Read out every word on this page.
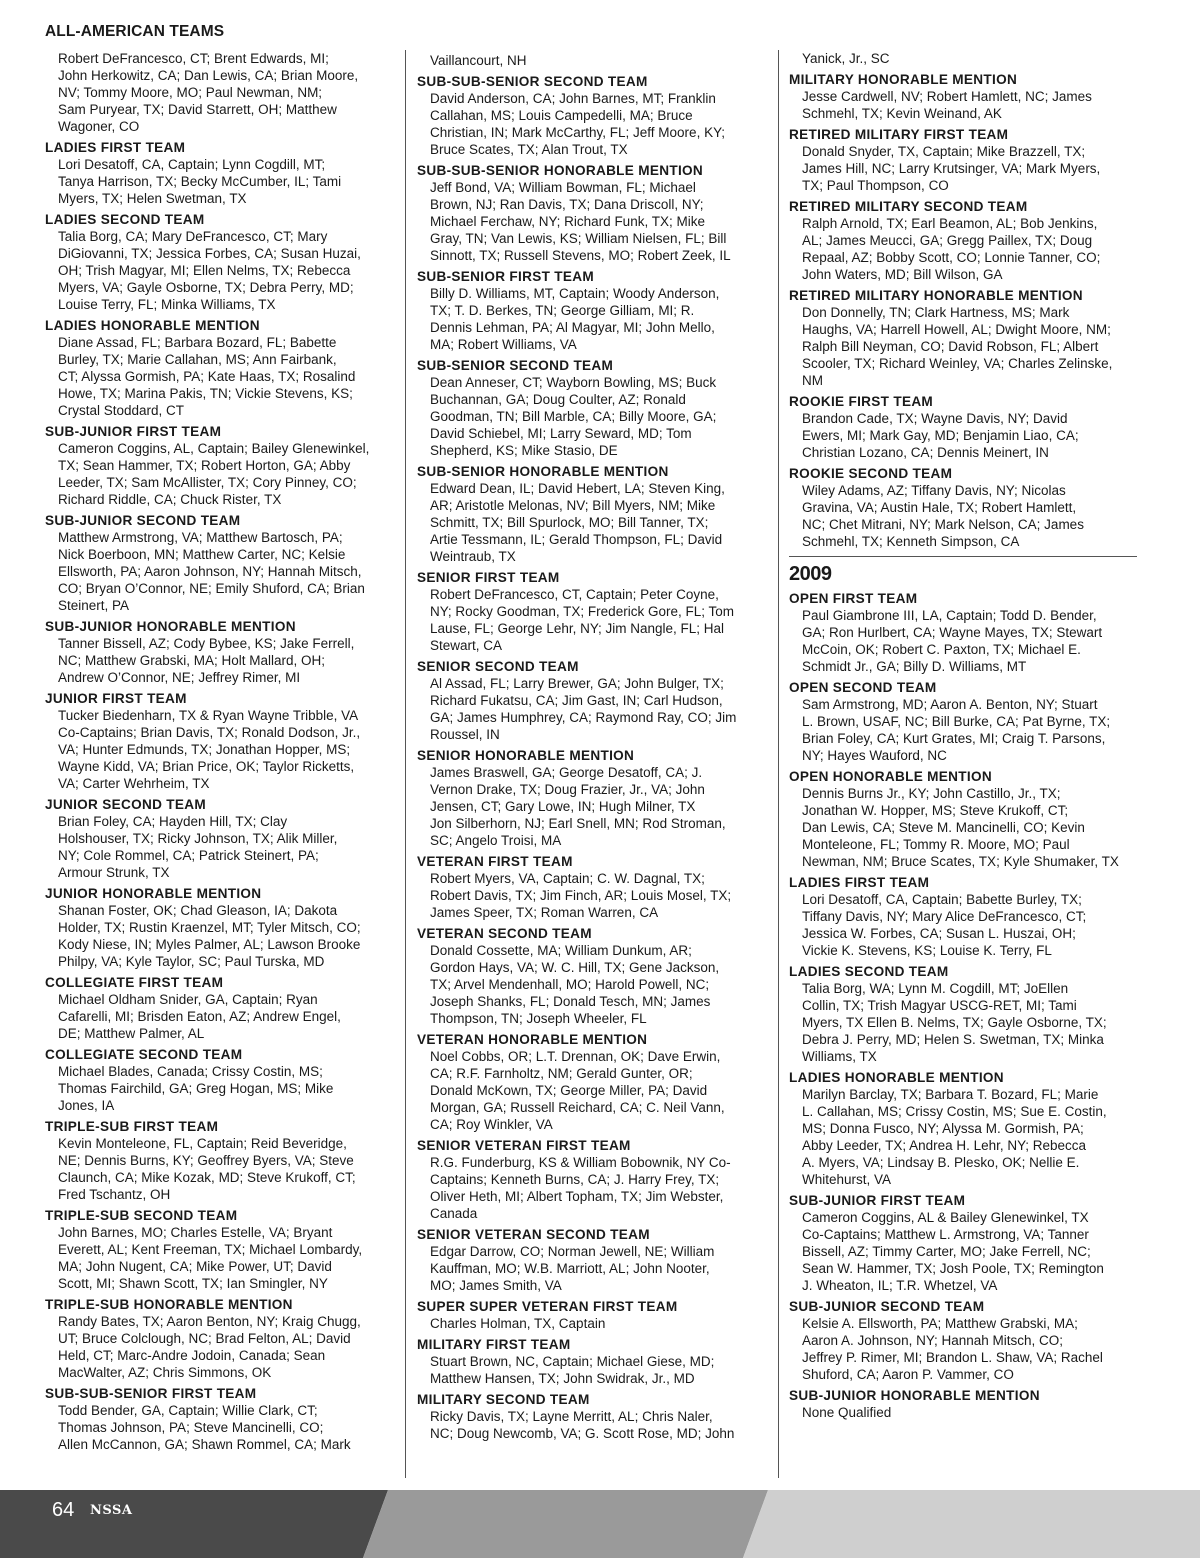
ALL-AMERICAN TEAMS
Robert DeFrancesco, CT; Brent Edwards, MI;
John Herkowitz, CA; Dan Lewis, CA; Brian Moore,
NV; Tommy Moore, MO; Paul Newman, NM;
Sam Puryear, TX; David Starrett, OH; Matthew
Wagoner, CO
LADIES FIRST TEAM
Lori Desatoff, CA, Captain; Lynn Cogdill, MT;
Tanya Harrison, TX; Becky McCumber, IL; Tami
Myers, TX; Helen Swetman, TX
LADIES SECOND TEAM
Talia Borg, CA; Mary DeFrancesco, CT; Mary
DiGiovanni, TX; Jessica Forbes, CA; Susan Huzai,
OH; Trish Magyar, MI; Ellen Nelms, TX; Rebecca
Myers, VA; Gayle Osborne, TX; Debra Perry, MD;
Louise Terry, FL; Minka Williams, TX
LADIES HONORABLE MENTION
Diane Assad, FL; Barbara Bozard, FL; Babette
Burley, TX; Marie Callahan, MS; Ann Fairbank,
CT; Alyssa Gormish, PA; Kate Haas, TX; Rosalind
Howe, TX; Marina Pakis, TN; Vickie Stevens, KS;
Crystal Stoddard, CT
SUB-JUNIOR FIRST TEAM
Cameron Coggins, AL, Captain; Bailey Glenewinkel,
TX; Sean Hammer, TX; Robert Horton, GA; Abby
Leeder, TX; Sam McAllister, TX; Cory Pinney, CO;
Richard Riddle, CA; Chuck Rister, TX
SUB-JUNIOR SECOND TEAM
Matthew Armstrong, VA; Matthew Bartosch, PA;
Nick Boerboon, MN; Matthew Carter, NC; Kelsie
Ellsworth, PA; Aaron Johnson, NY; Hannah Mitsch,
CO; Bryan O’Connor, NE; Emily Shuford, CA; Brian
Steinert, PA
SUB-JUNIOR HONORABLE MENTION
Tanner Bissell, AZ; Cody Bybee, KS; Jake Ferrell,
NC; Matthew Grabski, MA; Holt Mallard, OH;
Andrew O’Connor, NE; Jeffrey Rimer, MI
JUNIOR FIRST TEAM
Tucker Biedenharn, TX & Ryan Wayne Tribble, VA
Co-Captains; Brian Davis, TX; Ronald Dodson, Jr.,
VA; Hunter Edmunds, TX; Jonathan Hopper, MS;
Wayne Kidd, VA; Brian Price, OK; Taylor Ricketts,
VA; Carter Wehrheim, TX
JUNIOR SECOND TEAM
Brian Foley, CA; Hayden Hill, TX; Clay
Holshouser, TX; Ricky Johnson, TX; Alik Miller,
NY; Cole Rommel, CA; Patrick Steinert, PA;
Armour Strunk, TX
JUNIOR HONORABLE MENTION
Shanan Foster, OK; Chad Gleason, IA; Dakota
Holder, TX; Rustin Kraenzel, MT; Tyler Mitsch, CO;
Kody Niese, IN; Myles Palmer, AL; Lawson Brooke
Philpy, VA; Kyle Taylor, SC; Paul Turska, MD
COLLEGIATE FIRST TEAM
Michael Oldham Snider, GA, Captain; Ryan
Cafarelli, MI; Brisden Eaton, AZ; Andrew Engel,
DE; Matthew Palmer, AL
COLLEGIATE SECOND TEAM
Michael Blades, Canada; Crissy Costin, MS;
Thomas Fairchild, GA; Greg Hogan, MS; Mike
Jones, IA
TRIPLE-SUB FIRST TEAM
Kevin Monteleone, FL, Captain; Reid Beveridge,
NE; Dennis Burns, KY; Geoffrey Byers, VA; Steve
Claunch, CA; Mike Kozak, MD; Steve Krukoff, CT;
Fred Tschantz, OH
TRIPLE-SUB SECOND TEAM
John Barnes, MO; Charles Estelle, VA; Bryant
Everett, AL; Kent Freeman, TX; Michael Lombardy,
MA; John Nugent, CA; Mike Power, UT; David
Scott, MI; Shawn Scott, TX; Ian Smingler, NY
TRIPLE-SUB HONORABLE MENTION
Randy Bates, TX; Aaron Benton, NY; Kraig Chugg,
UT; Bruce Colclough, NC; Brad Felton, AL; David
Held, CT; Marc-Andre Jodoin, Canada; Sean
MacWalter, AZ; Chris Simmons, OK
SUB-SUB-SENIOR FIRST TEAM
Todd Bender, GA, Captain; Willie Clark, CT;
Thomas Johnson, PA; Steve Mancinelli, CO;
Allen McCannon, GA; Shawn Rommel, CA; Mark
Vaillancourt, NH
SUB-SUB-SENIOR SECOND TEAM
David Anderson, CA; John Barnes, MT; Franklin
Callahan, MS; Louis Campedelli, MA; Bruce
Christian, IN; Mark McCarthy, FL; Jeff Moore, KY;
Bruce Scates, TX; Alan Trout, TX
SUB-SUB-SENIOR HONORABLE MENTION
Jeff Bond, VA; William Bowman, FL; Michael
Brown, NJ; Ran Davis, TX; Dana Driscoll, NY;
Michael Ferchaw, NY; Richard Funk, TX; Mike
Gray, TN; Van Lewis, KS; William Nielsen, FL; Bill
Sinnott, TX; Russell Stevens, MO; Robert Zeek, IL
SUB-SENIOR FIRST TEAM
Billy D. Williams, MT, Captain; Woody Anderson,
TX; T. D. Berkes, TN; George Gilliam, MI; R.
Dennis Lehman, PA; Al Magyar, MI; John Mello,
MA; Robert Williams, VA
SUB-SENIOR SECOND TEAM
Dean Anneser, CT; Wayborn Bowling, MS; Buck
Buchannan, GA; Doug Coulter, AZ; Ronald
Goodman, TN; Bill Marble, CA; Billy Moore, GA;
David Schiebel, MI; Larry Seward, MD; Tom
Shepherd, KS; Mike Stasio, DE
SUB-SENIOR HONORABLE MENTION
Edward Dean, IL; David Hebert, LA; Steven King,
AR; Aristotle Melonas, NV; Bill Myers, NM; Mike
Schmitt, TX; Bill Spurlock, MO; Bill Tanner, TX;
Artie Tessmann, IL; Gerald Thompson, FL; David
Weintraub, TX
SENIOR FIRST TEAM
Robert DeFrancesco, CT, Captain; Peter Coyne,
NY; Rocky Goodman, TX; Frederick Gore, FL; Tom
Lause, FL; George Lehr, NY; Jim Nangle, FL; Hal
Stewart, CA
SENIOR SECOND TEAM
Al Assad, FL; Larry Brewer, GA; John Bulger, TX;
Richard Fukatsu, CA; Jim Gast, IN; Carl Hudson,
GA; James Humphrey, CA; Raymond Ray, CO; Jim
Roussel, IN
SENIOR HONORABLE MENTION
James Braswell, GA; George Desatoff, CA; J.
Vernon Drake, TX; Doug Frazier, Jr., VA; John
Jensen, CT; Gary Lowe, IN; Hugh Milner, TX
Jon Silberhorn, NJ; Earl Snell, MN; Rod Stroman,
SC; Angelo Troisi, MA
VETERAN FIRST TEAM
Robert Myers, VA, Captain; C. W. Dagnal, TX;
Robert Davis, TX; Jim Finch, AR; Louis Mosel, TX;
James Speer, TX; Roman Warren, CA
VETERAN SECOND TEAM
Donald Cossette, MA; William Dunkum, AR;
Gordon Hays, VA; W. C. Hill, TX; Gene Jackson,
TX; Arvel Mendenhall, MO; Harold Powell, NC;
Joseph Shanks, FL; Donald Tesch, MN; James
Thompson, TN; Joseph Wheeler, FL
VETERAN HONORABLE MENTION
Noel Cobbs, OR; L.T. Drennan, OK; Dave Erwin,
CA; R.F. Farnholtz, NM; Gerald Gunter, OR;
Donald McKown, TX; George Miller, PA; David
Morgan, GA; Russell Reichard, CA; C. Neil Vann,
CA; Roy Winkler, VA
SENIOR VETERAN FIRST TEAM
R.G. Funderburg, KS & William Bobownik, NY Co-
Captains; Kenneth Burns, CA; J. Harry Frey, TX;
Oliver Heth, MI; Albert Topham, TX; Jim Webster,
Canada
SENIOR VETERAN SECOND TEAM
Edgar Darrow, CO; Norman Jewell, NE; William
Kauffman, MO; W.B. Marriott, AL; John Nooter,
MO; James Smith, VA
SUPER SUPER VETERAN FIRST TEAM
Charles Holman, TX, Captain
MILITARY FIRST TEAM
Stuart Brown, NC, Captain; Michael Giese, MD;
Matthew Hansen, TX; John Swidrak, Jr., MD
MILITARY SECOND TEAM
Ricky Davis, TX; Layne Merritt, AL; Chris Naler,
NC; Doug Newcomb, VA; G. Scott Rose, MD; John
Yanick, Jr., SC
MILITARY HONORABLE MENTION
Jesse Cardwell, NV; Robert Hamlett, NC; James
Schmehl, TX; Kevin Weinand, AK
RETIRED MILITARY FIRST TEAM
Donald Snyder, TX, Captain; Mike Brazzell, TX;
James Hill, NC; Larry Krutsinger, VA; Mark Myers,
TX; Paul Thompson, CO
RETIRED MILITARY SECOND TEAM
Ralph Arnold, TX; Earl Beamon, AL; Bob Jenkins,
AL; James Meucci, GA; Gregg Paillex, TX; Doug
Repaal, AZ; Bobby Scott, CO; Lonnie Tanner, CO;
John Waters, MD; Bill Wilson, GA
RETIRED MILITARY HONORABLE MENTION
Don Donnelly, TN; Clark Hartness, MS; Mark
Haughs, VA; Harrell Howell, AL; Dwight Moore, NM;
Ralph Bill Neyman, CO; David Robson, FL; Albert
Scooler, TX; Richard Weinley, VA; Charles Zelinske,
NM
ROOKIE FIRST TEAM
Brandon Cade, TX; Wayne Davis, NY; David
Ewers, MI; Mark Gay, MD; Benjamin Liao, CA;
Christian Lozano, CA; Dennis Meinert, IN
ROOKIE SECOND TEAM
Wiley Adams, AZ; Tiffany Davis, NY; Nicolas
Gravina, VA; Austin Hale, TX; Robert Hamlett,
NC; Chet Mitrani, NY; Mark Nelson, CA; James
Schmehl, TX; Kenneth Simpson, CA
2009
OPEN FIRST TEAM
Paul Giambrone III, LA, Captain; Todd D. Bender,
GA; Ron Hurlbert, CA; Wayne Mayes, TX; Stewart
McCoin, OK; Robert C. Paxton, TX; Michael E.
Schmidt Jr., GA; Billy D. Williams, MT
OPEN SECOND TEAM
Sam Armstrong, MD; Aaron A. Benton, NY; Stuart
L. Brown, USAF, NC; Bill Burke, CA; Pat Byrne, TX;
Brian Foley, CA; Kurt Grates, MI; Craig T. Parsons,
NY; Hayes Wauford, NC
OPEN HONORABLE MENTION
Dennis Burns Jr., KY; John Castillo, Jr., TX;
Jonathan W. Hopper, MS; Steve Krukoff, CT;
Dan Lewis, CA; Steve M. Mancinelli, CO; Kevin
Monteleone, FL; Tommy R. Moore, MO; Paul
Newman, NM; Bruce Scates, TX; Kyle Shumaker, TX
LADIES FIRST TEAM
Lori Desatoff, CA, Captain; Babette Burley, TX;
Tiffany Davis, NY; Mary Alice DeFrancesco, CT;
Jessica W. Forbes, CA; Susan L. Huszai, OH;
Vickie K. Stevens, KS; Louise K. Terry, FL
LADIES SECOND TEAM
Talia Borg, WA; Lynn M. Cogdill, MT; JoEllen
Collin, TX; Trish Magyar USCG-RET, MI; Tami
Myers, TX Ellen B. Nelms, TX; Gayle Osborne, TX;
Debra J. Perry, MD; Helen S. Swetman, TX; Minka
Williams, TX
LADIES HONORABLE MENTION
Marilyn Barclay, TX; Barbara T. Bozard, FL; Marie
L. Callahan, MS; Crissy Costin, MS; Sue E. Costin,
MS; Donna Fusco, NY; Alyssa M. Gormish, PA;
Abby Leeder, TX; Andrea H. Lehr, NY; Rebecca
A. Myers, VA; Lindsay B. Plesko, OK; Nellie E.
Whitehurst, VA
SUB-JUNIOR FIRST TEAM
Cameron Coggins, AL & Bailey Glenewinkel, TX
Co-Captains; Matthew L. Armstrong, VA; Tanner
Bissell, AZ; Timmy Carter, MO; Jake Ferrell, NC;
Sean W. Hammer, TX; Josh Poole, TX; Remington
J. Wheaton, IL; T.R. Whetzel, VA
SUB-JUNIOR SECOND TEAM
Kelsie A. Ellsworth, PA; Matthew Grabski, MA;
Aaron A. Johnson, NY; Hannah Mitsch, CO;
Jeffrey P. Rimer, MI; Brandon L. Shaw, VA; Rachel
Shuford, CA; Aaron P. Vammer, CO
SUB-JUNIOR HONORABLE MENTION
None Qualified
64 NSSA
